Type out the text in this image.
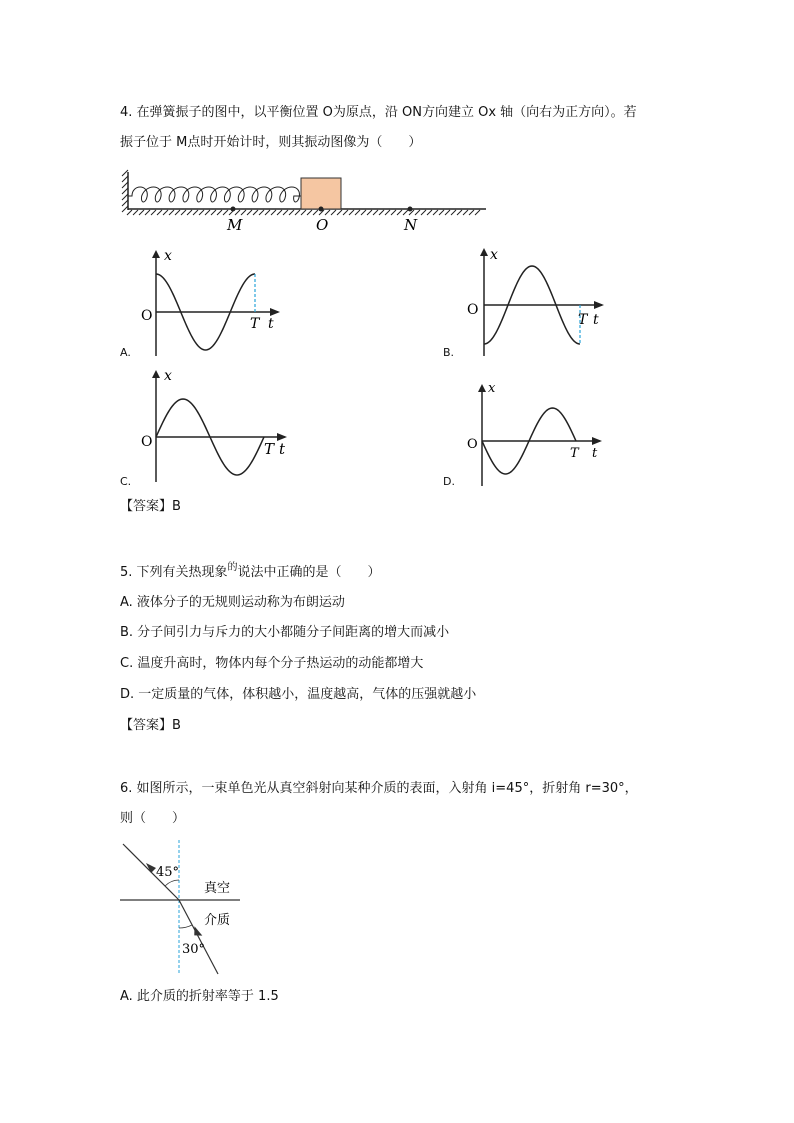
4. 在弹簧振子的图中，以平衡位置 O为原点，沿 ON方向建立 Ox 轴（向右为正方向）。若
振子位于 M点时开始计时，则其振动图像为（　　）
M	O	N
x
O	T t
A.
x
O
T t
B.
x
O	T t
C.
x
O
T t
D.
【答案】B
5. 下列有关热现象$^的$说法中正确的是（　　）
A. 液体分子的无规则运动称为布朗运动
B. 分子间引力与斥力的大小都随分子间距离的增大而减小
C. 温度升高时，物体内每个分子热运动的动能都增大
D. 一定质量的气体，体积越小，温度越高，气体的压强就越小
【答案】B
6. 如图所示，一束单色光从真空斜射向某种介质的表面，入射角 i=45°，折射角 r=30°，
则（　　）
45°
30°
真空
介质
A. 此介质的折射率等于 1.5
